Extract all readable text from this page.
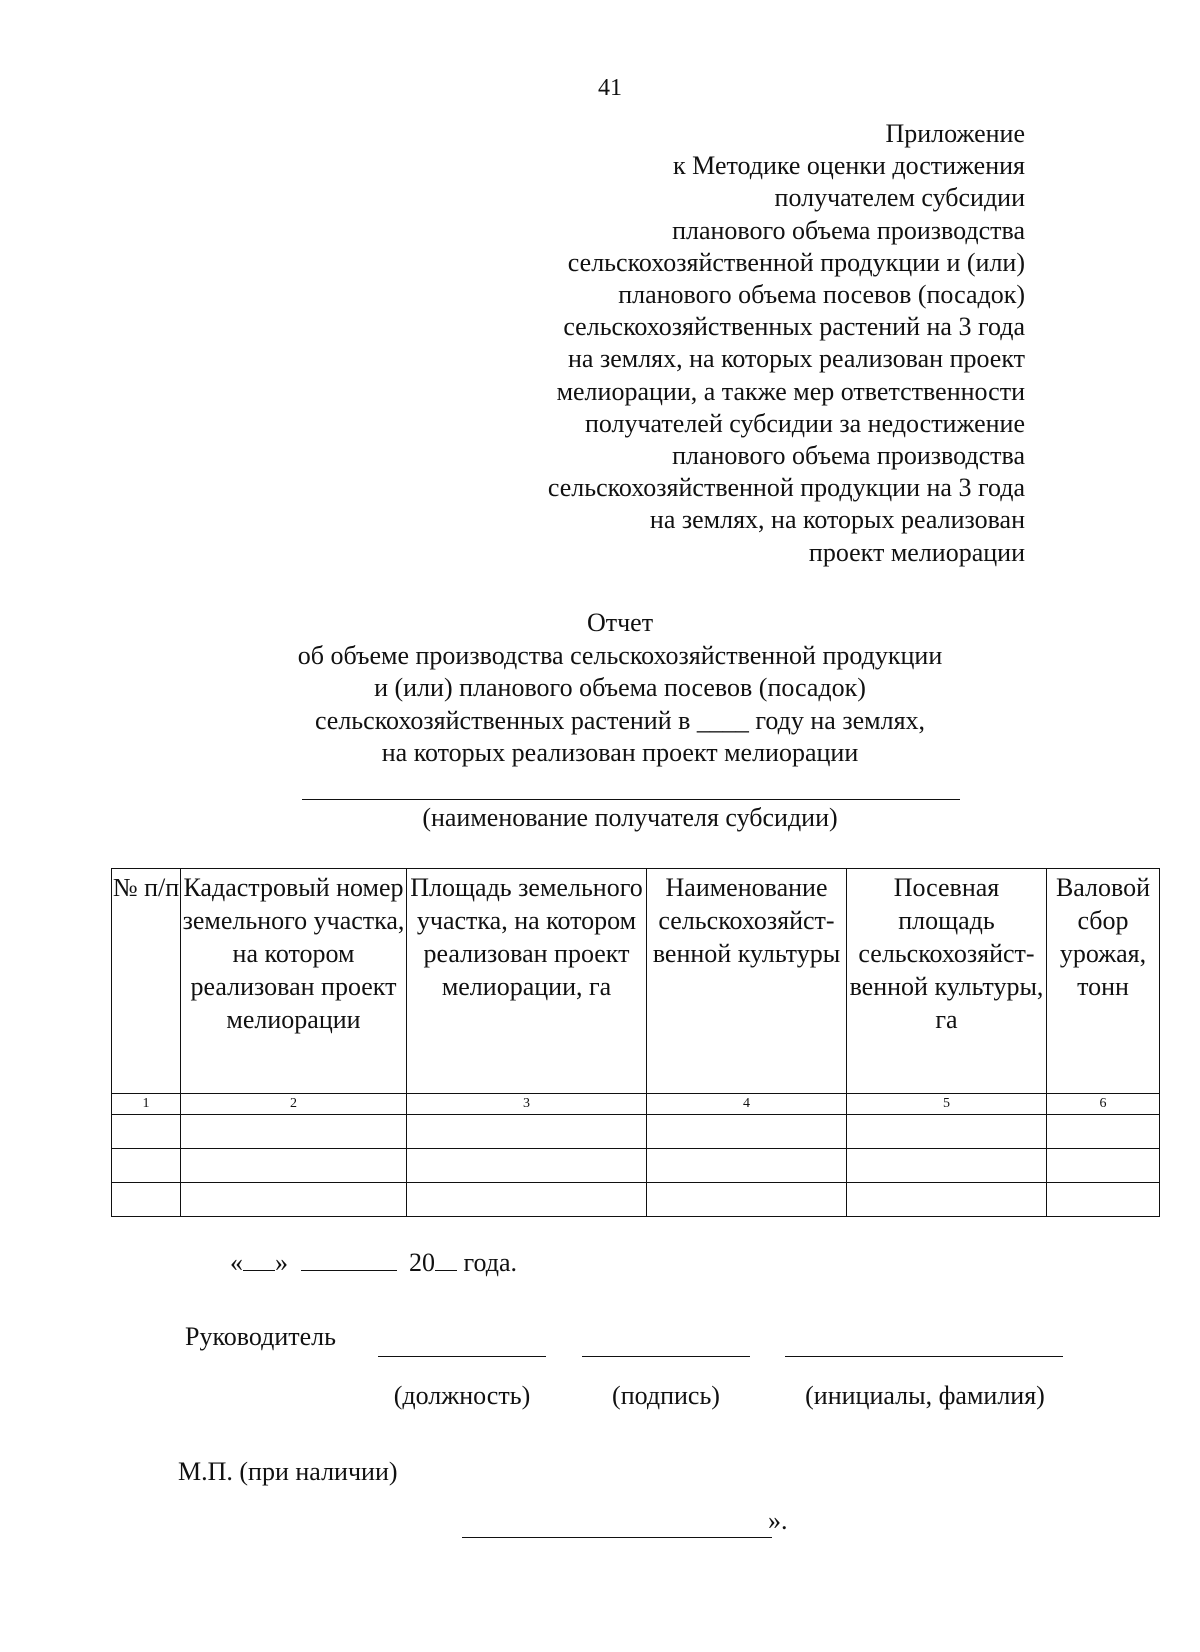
41
Приложение
к Методике оценки достижения
получателем субсидии
планового объема производства
сельскохозяйственной продукции и (или)
планового объема посевов (посадок)
сельскохозяйственных растений на 3 года
на землях, на которых реализован проект
мелиорации, а также мер ответственности
получателей субсидии за недостижение
планового объема производства
сельскохозяйственной продукции на 3 года
на землях, на которых реализован
проект мелиорации
Отчет
об объеме производства сельскохозяйственной продукции
и (или) планового объема посевов (посадок)
сельскохозяйственных растений в ____ году на землях,
на которых реализован проект мелиорации
(наименование получателя субсидии)
№ п/п	Кадастровый номер земельного участка, на котором реализован проект мелиорации	Площадь земельного участка, на котором реализован проект мелиорации, га	Наименование сельскохозяйст-венной культуры	Посевная площадь сельскохозяйст-венной культуры, га	Валовой сбор урожая, тонн
1	2	3	4	5	6

« »	20 года.
Руководитель
(должность)	(подпись)	(инициалы, фамилия)
М.П. (при наличии)
».
